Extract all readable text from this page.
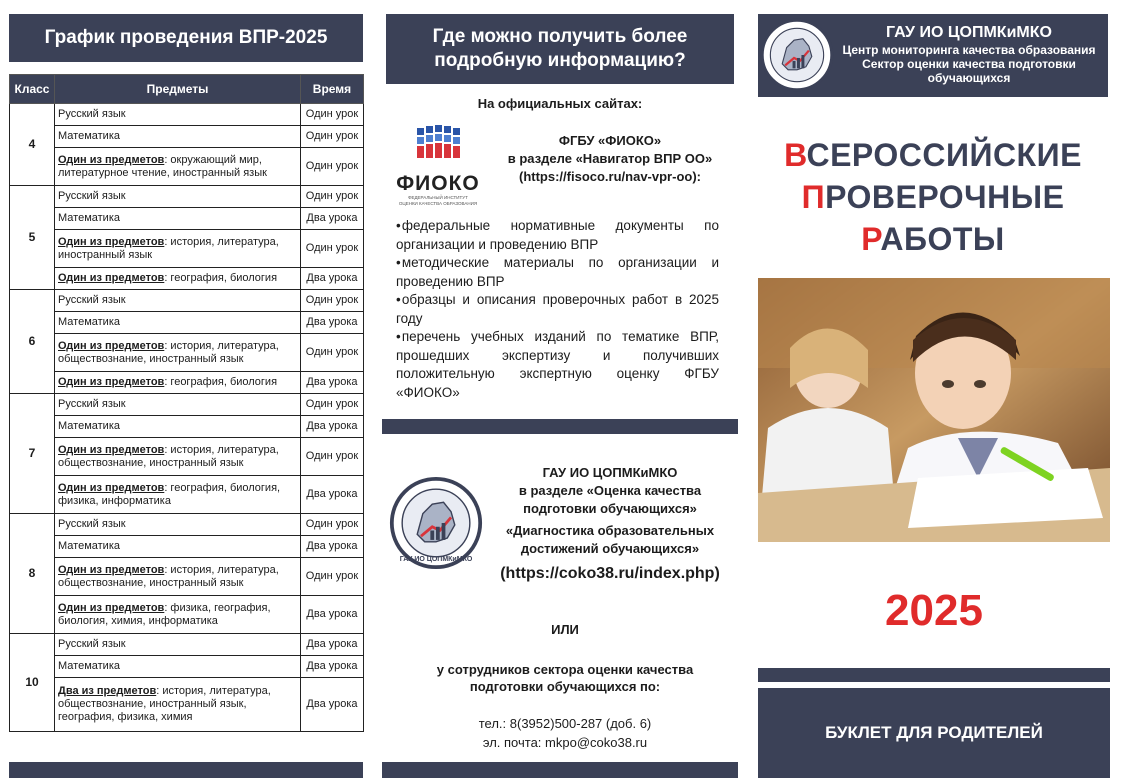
График проведения ВПР-2025
Класс	Предметы	Время
4	Русский язык	Один урок
	Математика	Один урок
	Один из предметов: окружающий мир, литературное чтение, иностранный язык	Один урок
5	Русский язык	Один урок
	Математика	Два урока
	Один из предметов: история, литература, иностранный язык	Один урок
	Один из предметов: география, биология	Два урока
6	Русский язык	Один урок
	Математика	Два урока
	Один из предметов: история, литература, обществознание, иностранный язык	Один урок
	Один из предметов: география, биология	Два урока
7	Русский язык	Один урок
	Математика	Два урока
	Один из предметов: история, литература, обществознание, иностранный язык	Один урок
	Один из предметов: география, биология, физика, информатика	Два урока
8	Русский язык	Один урок
	Математика	Два урока
	Один из предметов: история, литература, обществознание, иностранный язык	Один урок
	Один из предметов: физика, география, биология, химия, информатика	Два урока
10	Русский язык	Два урока
	Математика	Два урока
	Два из предметов: история, литература, обществознание, иностранный язык, география, физика, химия	Два урока
Где можно получить более
подробную информацию?
На официальных сайтах:
ФИОКО
ФЕДЕРАЛЬНЫЙ ИНСТИТУТ
ОЦЕНКИ КАЧЕСТВА ОБРАЗОВАНИЯ
ФГБУ «ФИОКО»
в разделе «Навигатор ВПР ОО»
(https://fisoco.ru/nav-vpr-oo):
• федеральные нормативные документы по организации и проведению ВПР
• методические материалы по организации и проведению ВПР
• образцы и описания проверочных работ в 2025 году
• перечень учебных изданий по тематике ВПР, прошедших экспертизу и получивших положительную экспертную оценку ФГБУ «ФИОКО»
ГАУ ИО ЦОПМКиМКО
ГАУ ИО ЦОПМКиМКО
в разделе «Оценка качества
подготовки обучающихся»
«Диагностика образовательных
достижений обучающихся»
(https://coko38.ru/index.php)
ИЛИ
у сотрудников сектора оценки качества
подготовки обучающихся по:
тел.: 8(3952)500-287 (доб. 6)
эл. почта: mkpo@coko38.ru
ГАУ ИО ЦОПМКиМКО
Центр мониторинга качества образования
Сектор оценки качества подготовки
обучающихся
ВСЕРОССИЙСКИЕ
ПРОВЕРОЧНЫЕ
РАБОТЫ
2025
БУКЛЕТ ДЛЯ РОДИТЕЛЕЙ
